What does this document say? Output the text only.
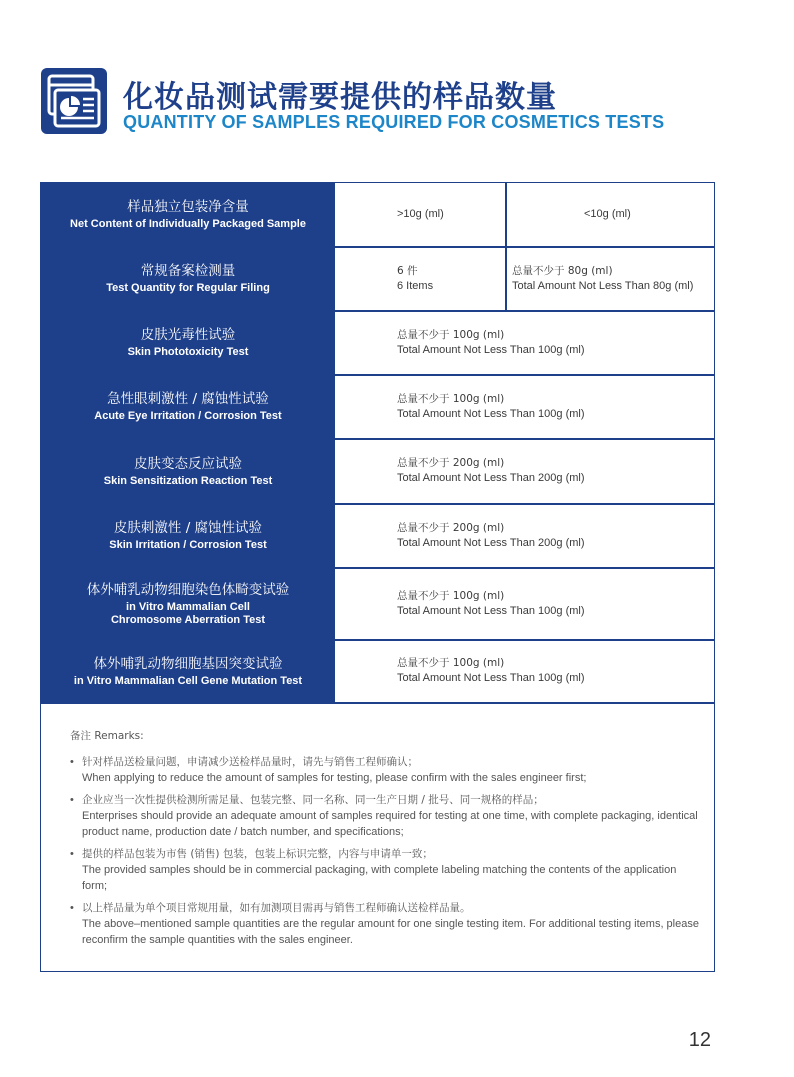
化妆品测试需要提供的样品数量
QUANTITY OF SAMPLES REQUIRED FOR COSMETICS TESTS
样品独立包装净含量
Net Content of Individually Packaged Sample
>10g (ml)	<10g (ml)
常规备案检测量
Test Quantity for Regular Filing
6 件
6 Items
总量不少于 80g (ml)
Total Amount Not Less Than 80g (ml)
皮肤光毒性试验
Skin Phototoxicity Test
总量不少于 100g (ml)
Total Amount Not Less Than 100g (ml)
急性眼刺激性 / 腐蚀性试验
Acute Eye Irritation / Corrosion Test
总量不少于 100g (ml)
Total Amount Not Less Than 100g (ml)
皮肤变态反应试验
Skin Sensitization Reaction Test
总量不少于 200g (ml)
Total Amount Not Less Than 200g (ml)
皮肤刺激性 / 腐蚀性试验
Skin Irritation / Corrosion Test
总量不少于 200g (ml)
Total Amount Not Less Than 200g (ml)
体外哺乳动物细胞染色体畸变试验
in Vitro Mammalian Cell Chromosome Aberration Test
总量不少于 100g (ml)
Total Amount Not Less Than 100g (ml)
体外哺乳动物细胞基因突变试验
in Vitro Mammalian Cell Gene Mutation Test
总量不少于 100g (ml)
Total Amount Not Less Than 100g (ml)
备注 Remarks:
• 针对样品送检量问题，申请减少送检样品量时，请先与销售工程师确认；
When applying to reduce the amount of samples for testing, please confirm with the sales engineer first;
• 企业应当一次性提供检测所需足量、包装完整、同一名称、同一生产日期 / 批号、同一规格的样品；
Enterprises should provide an adequate amount of samples required for testing at one time, with complete packaging, identical product name, production date / batch number, and specifications;
• 提供的样品包装为市售 (销售) 包装，包装上标识完整，内容与申请单一致；
The provided samples should be in commercial packaging, with complete labeling matching the contents of the application form;
• 以上样品量为单个项目常规用量，如有加测项目需再与销售工程师确认送检样品量。
The above–mentioned sample quantities are the regular amount for one single testing item. For additional testing items, please reconfirm the sample quantities with the sales engineer.
12
